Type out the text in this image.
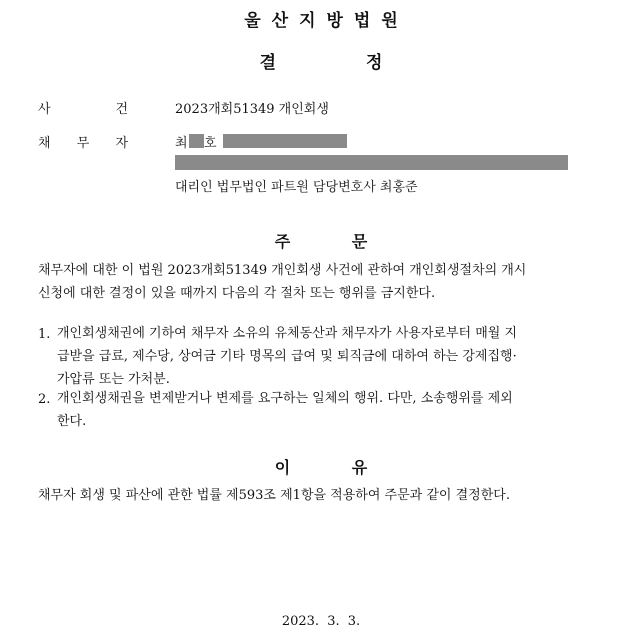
울산지방법원
결 정
사	건	2023개회51349 개인회생
채 무 자	최 호
대리인 법무법인 파트원 담당변호사 최홍준
주 문
채무자에 대한 이 법원 2023개회51349 개인회생 사건에 관하여 개인회생절차의 개시
신청에 대한 결정이 있을 때까지 다음의 각 절차 또는 행위를 금지한다.
1. 개인회생채권에 기하여 채무자 소유의 유체동산과 채무자가 사용자로부터 매월 지
급받을 급료, 제수당, 상여금 기타 명목의 급여 및 퇴직금에 대하여 하는 강제집행·
가압류 또는 가처분.
2. 개인회생채권을 변제받거나 변제를 요구하는 일체의 행위. 다만, 소송행위를 제외
한다.
이 유
채무자 회생 및 파산에 관한 법률 제593조 제1항을 적용하여 주문과 같이 결정한다.
2023. 3. 3.
